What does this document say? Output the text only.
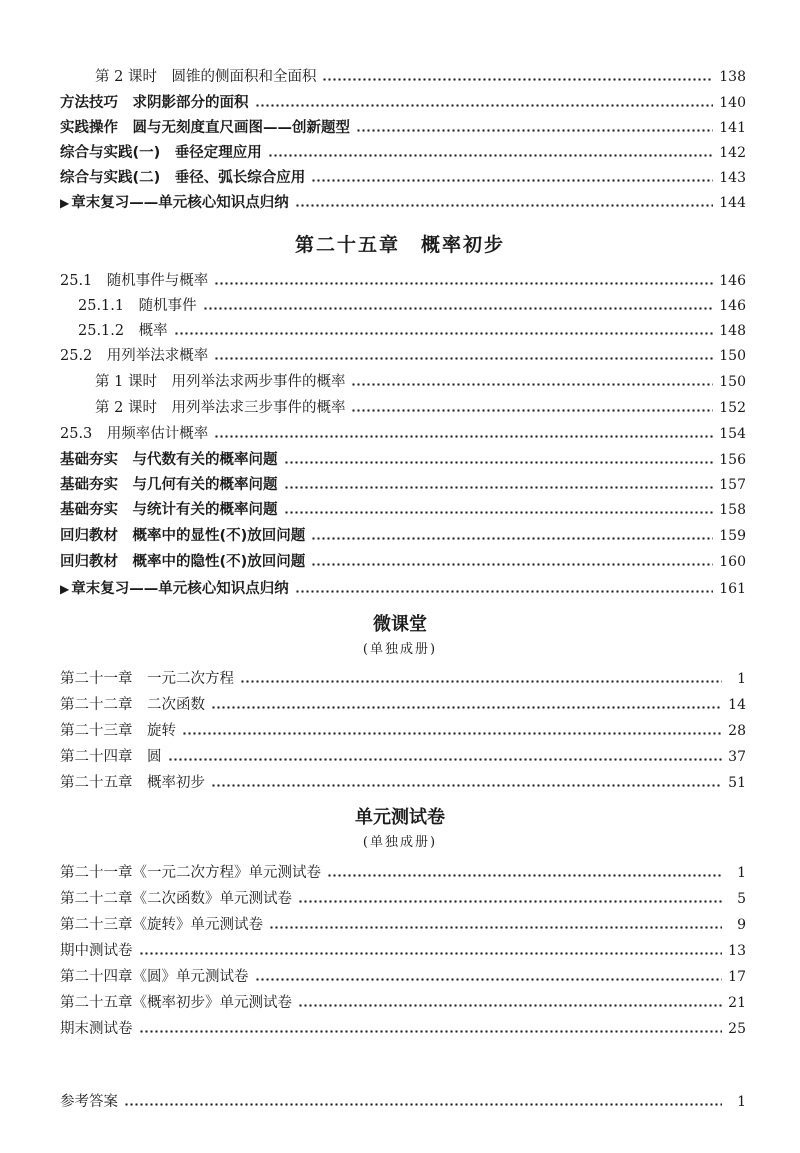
第 2 课时　圆锥的侧面积和全面积	138
方法技巧　求阴影部分的面积	140
实践操作　圆与无刻度直尺画图——创新题型	141
综合与实践(一)　垂径定理应用	142
综合与实践(二)　垂径、弧长综合应用	143
▶ 章末复习——单元核心知识点归纳	144
第二十五章　概率初步
25.1　随机事件与概率	146
25.1.1　随机事件	146
25.1.2　概率	148
25.2　用列举法求概率	150
第 1 课时　用列举法求两步事件的概率	150
第 2 课时　用列举法求三步事件的概率	152
25.3　用频率估计概率	154
基础夯实　与代数有关的概率问题	156
基础夯实　与几何有关的概率问题	157
基础夯实　与统计有关的概率问题	158
回归教材　概率中的显性(不)放回问题	159
回归教材　概率中的隐性(不)放回问题	160
▶ 章末复习——单元核心知识点归纳	161
微课堂
(单独成册)
第二十一章　一元二次方程	1
第二十二章　二次函数	14
第二十三章　旋转	28
第二十四章　圆	37
第二十五章　概率初步	51
单元测试卷
(单独成册)
第二十一章《一元二次方程》单元测试卷	1
第二十二章《二次函数》单元测试卷	5
第二十三章《旋转》单元测试卷	9
期中测试卷	13
第二十四章《圆》单元测试卷	17
第二十五章《概率初步》单元测试卷	21
期末测试卷	25
参考答案	1
